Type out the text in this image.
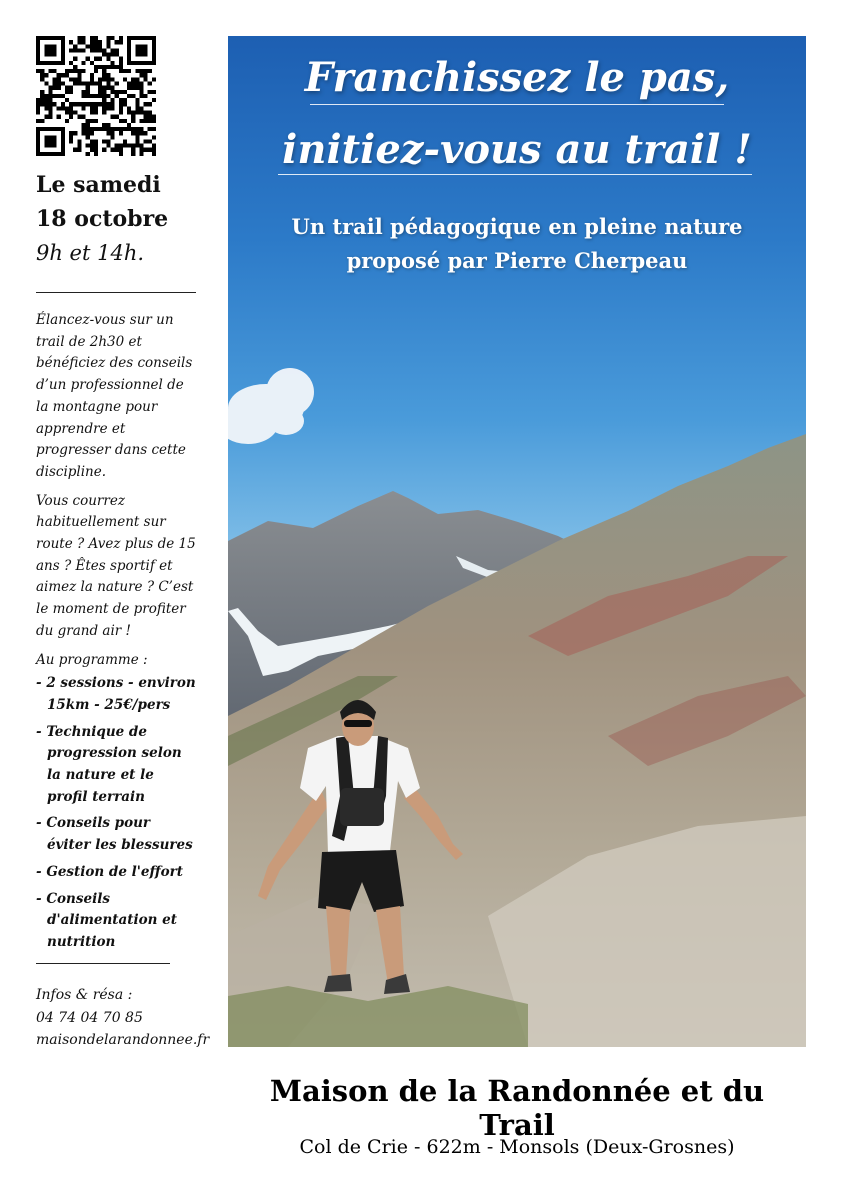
Le samedi
18 octobre
9h et 14h.

Élancez-vous sur un trail de 2h30 et bénéficiez des conseils d’un professionnel de la montagne pour apprendre et progresser dans cette discipline.

Vous courrez habituellement sur route ? Avez plus de 15 ans ? Êtes sportif et aimez la nature ? C’est le moment de profiter du grand air !

Au programme :

- 2 sessions - environ 15km - 25€/pers
- Technique de progression selon la nature et le profil terrain
- Conseils pour éviter les blessures
- Gestion de l'effort
- Conseils d'alimentation et nutrition
Infos & résa :
04 74 04 70 85
maisondelarandonnee.fr
Franchissez le pas,
initiez-vous au trail !
Un trail pédagogique en pleine nature
proposé par Pierre Cherpeau
Maison de la Randonnée et du Trail
Col de Crie - 622m - Monsols (Deux-Grosnes)
